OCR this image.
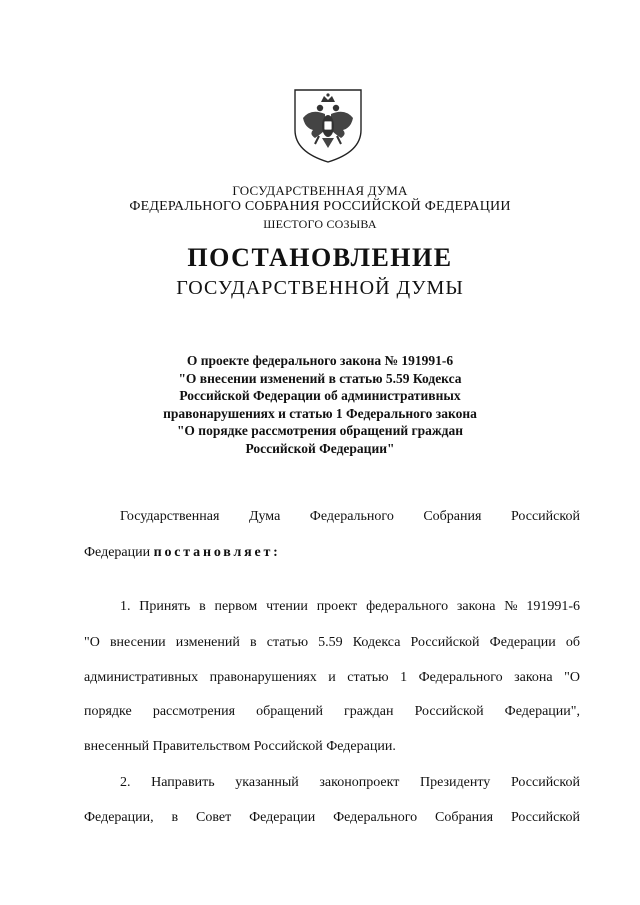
ГОСУДАРСТВЕННАЯ ДУМА
ФЕДЕРАЛЬНОГО СОБРАНИЯ РОССИЙСКОЙ ФЕДЕРАЦИИ
ШЕСТОГО СОЗЫВА
ПОСТАНОВЛЕНИЕ
ГОСУДАРСТВЕННОЙ ДУМЫ
О проекте федерального закона № 191991-6
"О внесении изменений в статью 5.59 Кодекса
Российской Федерации об административных
правонарушениях и статью 1 Федерального закона
"О порядке рассмотрения обращений граждан
Российской Федерации"
Государственная Дума Федерального Собрания Российской
Федерации постановляет:
1. Принять в первом чтении проект федерального закона № 191991-6
"О внесении изменений в статью 5.59 Кодекса Российской Федерации об
административных правонарушениях и статью 1 Федерального закона "О
порядке рассмотрения обращений граждан Российской Федерации",
внесенный Правительством Российской Федерации.
2. Направить указанный законопроект Президенту Российской
Федерации, в Совет Федерации Федерального Собрания Российской
